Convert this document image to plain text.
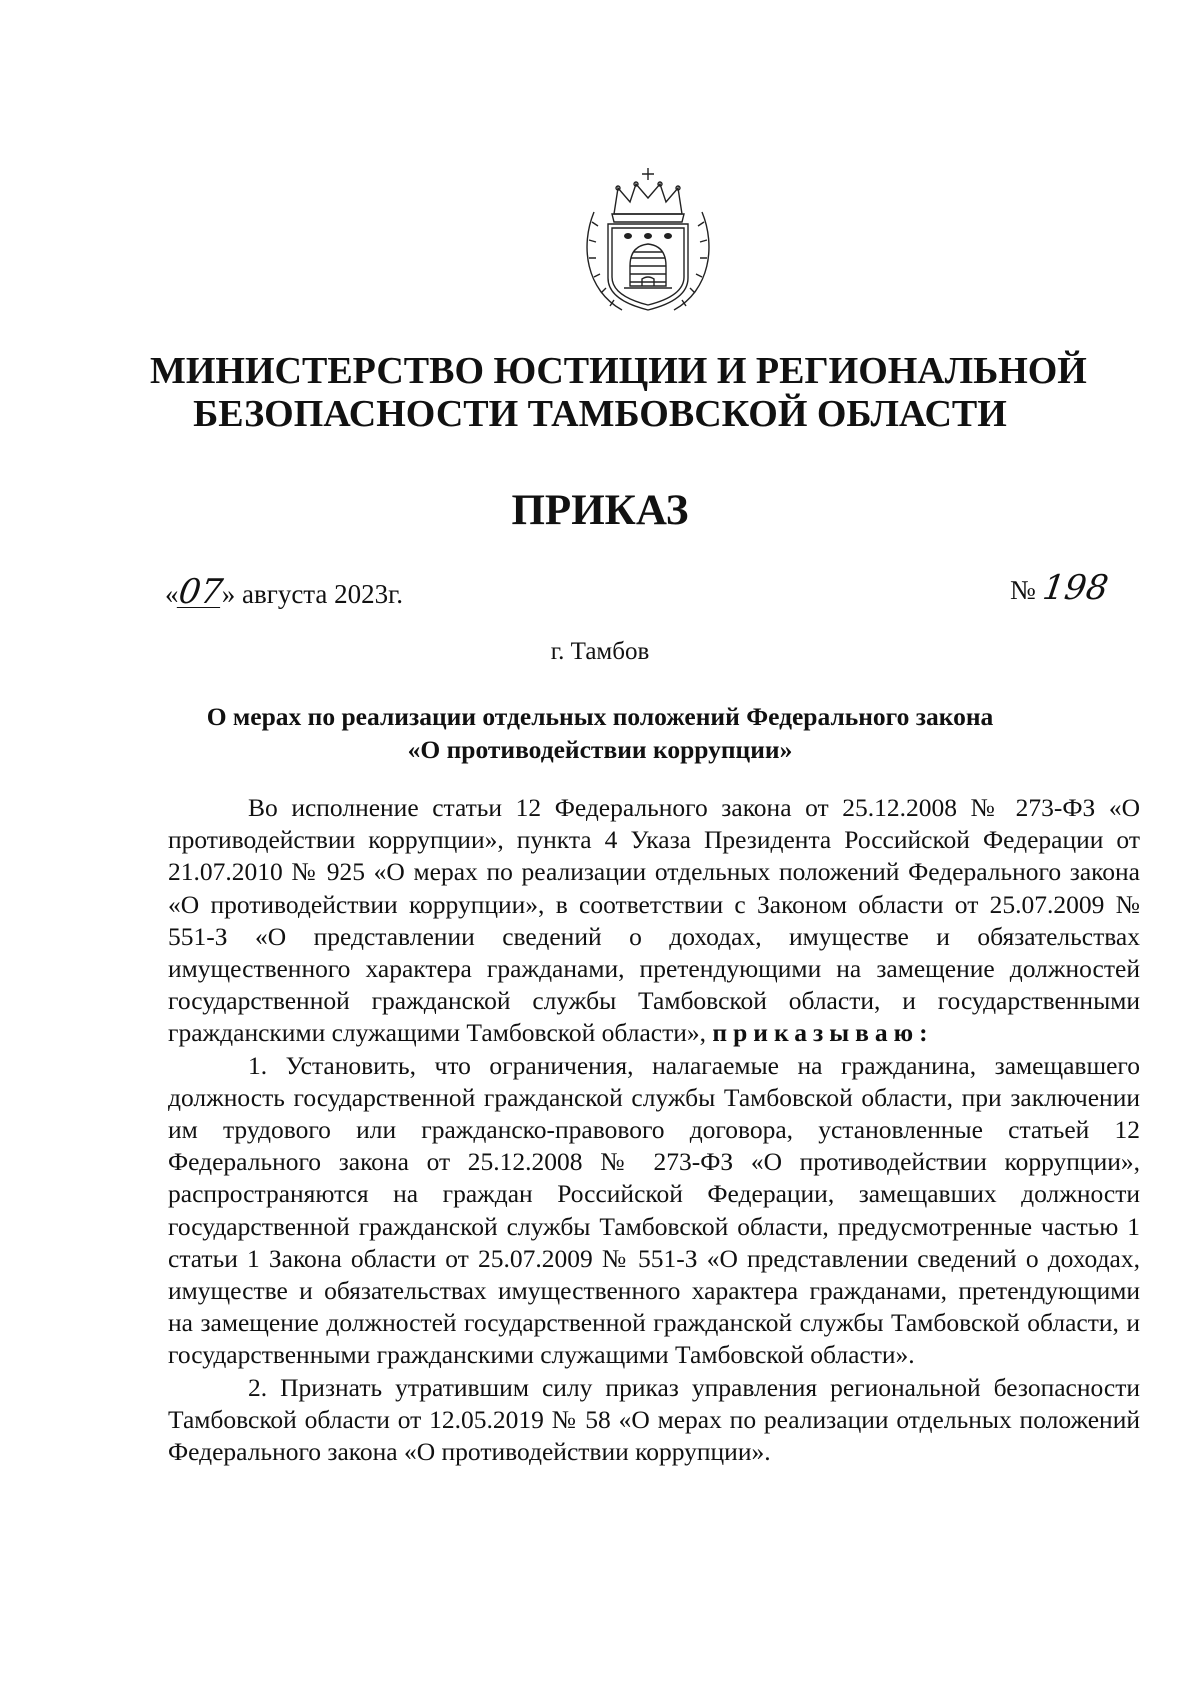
МИНИСТЕРСТВО ЮСТИЦИИ И РЕГИОНАЛЬНОЙ
БЕЗОПАСНОСТИ ТАМБОВСКОЙ ОБЛАСТИ
ПРИКАЗ
«07» августа 2023г.	№ 198
г. Тамбов
О мерах по реализации отдельных положений Федерального закона
«О противодействии коррупции»

Во исполнение статьи 12 Федерального закона от 25.12.2008 № 273-ФЗ «О противодействии коррупции», пункта 4 Указа Президента Российской Федерации от 21.07.2010 № 925 «О мерах по реализации отдельных положений Федерального закона «О противодействии коррупции», в соответствии с Законом области от 25.07.2009 № 551-З «О представлении сведений о доходах, имуществе и обязательствах имущественного характера гражданами, претендующими на замещение должностей государственной гражданской службы Тамбовской области, и государственными гражданскими служащими Тамбовской области», приказываю:

1. Установить, что ограничения, налагаемые на гражданина, замещавшего должность государственной гражданской службы Тамбовской области, при заключении им трудового или гражданско-правового договора, установленные статьей 12 Федерального закона от 25.12.2008 № 273-ФЗ «О противодействии коррупции», распространяются на граждан Российской Федерации, замещавших должности государственной гражданской службы Тамбовской области, предусмотренные частью 1 статьи 1 Закона области от 25.07.2009 № 551-З «О представлении сведений о доходах, имуществе и обязательствах имущественного характера гражданами, претендующими на замещение должностей государственной гражданской службы Тамбовской области, и государственными гражданскими служащими Тамбовской области».

2. Признать утратившим силу приказ управления региональной безопасности Тамбовской области от 12.05.2019 № 58 «О мерах по реализации отдельных положений Федерального закона «О противодействии коррупции».
